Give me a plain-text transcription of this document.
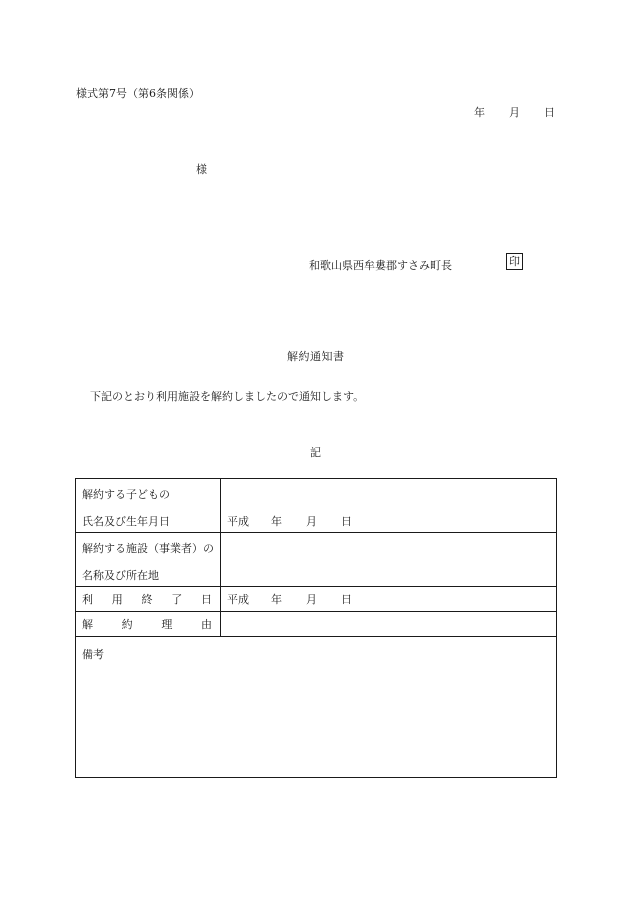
様式第7号（第6条関係）
年 月 日
様
和歌山県西牟婁郡すさみ町長	印
解約通知書
下記のとおり利用施設を解約しましたので通知します。
記
解約する子どもの
氏名及び生年月日	平成 年 月 日

解約する施設（事業者）の
名称及び所在地	

利 用 終 了 日	平成 年 月 日

解 約 理 由	

備考	
